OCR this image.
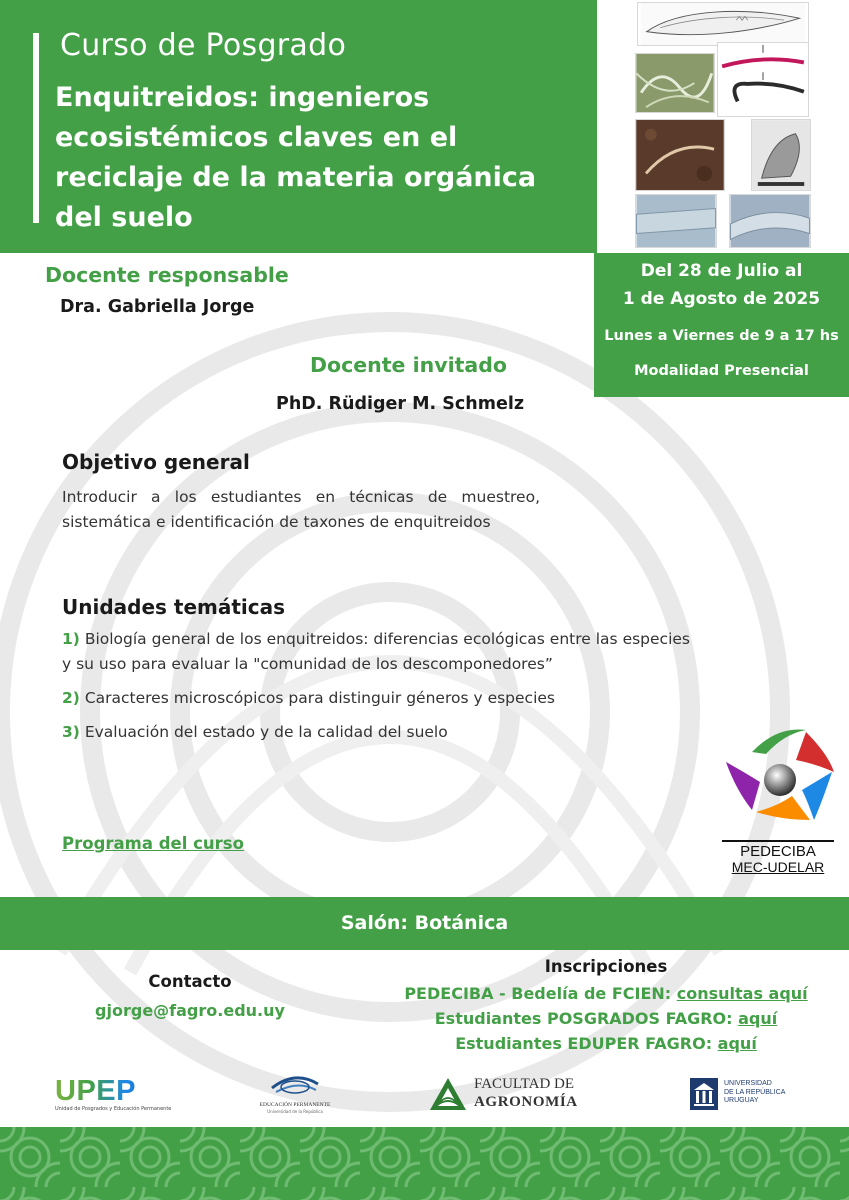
Curso de Posgrado
Enquitreidos: ingenieros ecosistémicos claves en el reciclaje de la materia orgánica del suelo
Del 28 de Julio al
1 de Agosto de 2025
Lunes a Viernes de 9 a 17 hs
Modalidad Presencial
Docente responsable
Dra. Gabriella Jorge
Docente invitado
PhD. Rüdiger M. Schmelz
Objetivo general
Introducir a los estudiantes en técnicas de muestreo, sistemática e identificación de taxones de enquitreidos
Unidades temáticas
1) Biología general de los enquitreidos: diferencias ecológicas entre las especies y su uso para evaluar la "comunidad de los descomponedores”
2) Caracteres microscópicos para distinguir géneros y especies
3) Evaluación del estado y de la calidad del suelo
Programa del curso	PEDECIBA
MEC-UDELAR
Salón: Botánica
Contacto
gjorge@fagro.edu.uy
Inscripciones
PEDECIBA - Bedelía de FCIEN: consultas aquí
Estudiantes POSGRADOS FAGRO: aquí
Estudiantes EDUPER FAGRO: aquí
UPEP
Unidad de Posgrados y Educación Permanente
EDUCACIÓN PERMANENTE
Universidad de la República
FACULTAD DE
AGRONOMÍA
UNIVERSIDAD
DE LA REPÚBLICA
URUGUAY
